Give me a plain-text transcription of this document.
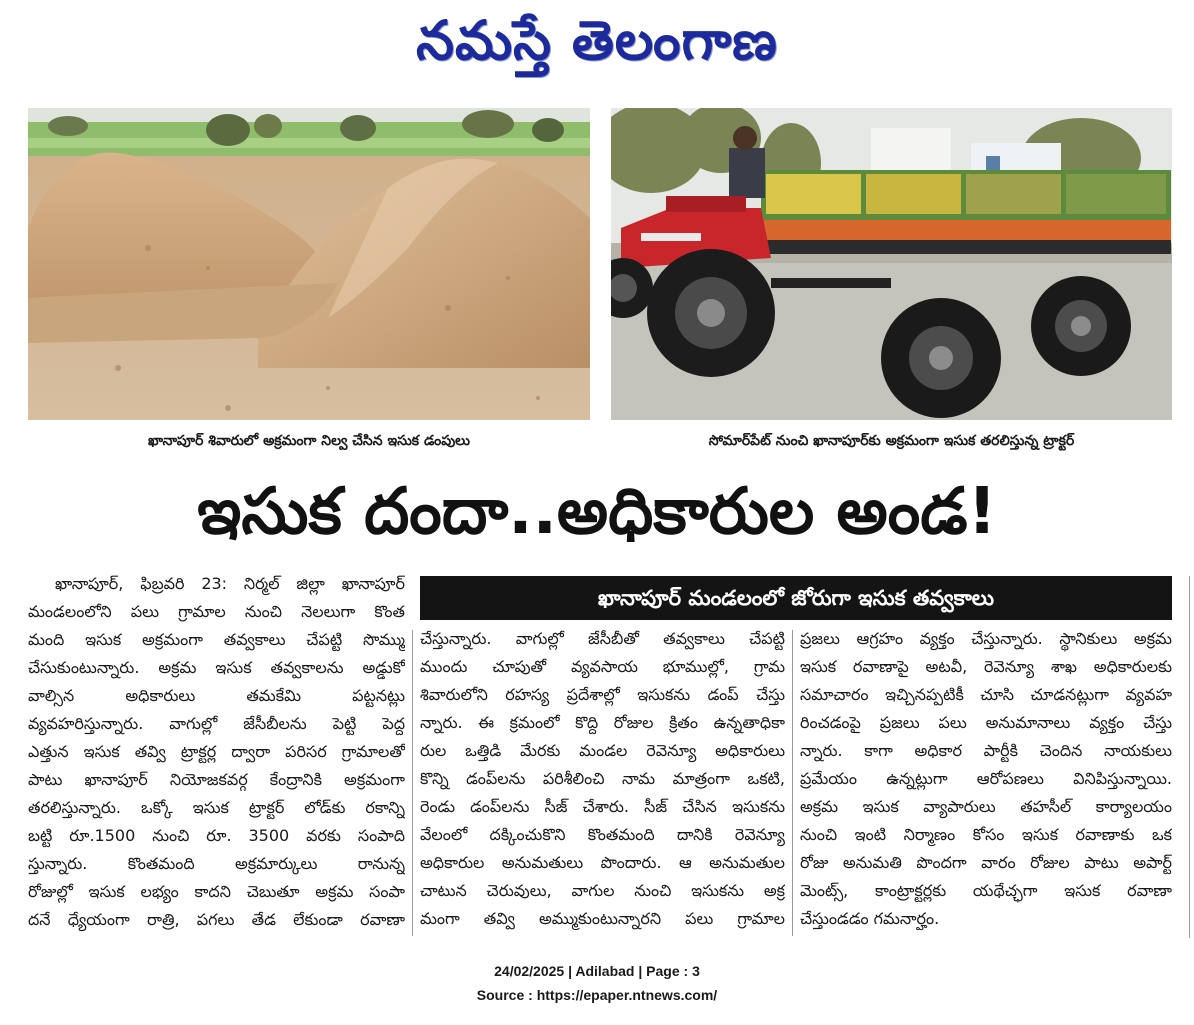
నమస్తే తెలంగాణ
ఖానాపూర్ శివారులో అక్రమంగా నిల్వ చేసిన ఇసుక డంపులు	సోమార్‌పేట్ నుంచి ఖానాపూర్‌కు అక్రమంగా ఇసుక తరలిస్తున్న ట్రాక్టర్
ఇసుక దందా..అధికారుల అండ!
ఖానాపూర్ మండలంలో జోరుగా ఇసుక తవ్వకాలు
ఖానాపూర్, ఫిబ్రవరి 23: నిర్మల్ జిల్లా ఖానాపూర్
మండలంలోని పలు గ్రామాల నుంచి నెలలుగా కొంత
మంది ఇసుక అక్రమంగా తవ్వకాలు చేపట్టి సొమ్ము
చేసుకుంటున్నారు. అక్రమ ఇసుక తవ్వకాలను అడ్డుకో
వాల్సిన అధికారులు తమకేమి పట్టనట్లు
వ్యవహరిస్తున్నారు. వాగుల్లో జేసీబీలను పెట్టి పెద్ద
ఎత్తున ఇసుక తవ్వి ట్రాక్టర్ల ద్వారా పరిసర గ్రామాలతో
పాటు ఖానాపూర్ నియోజకవర్గ కేంద్రానికి అక్రమంగా
తరలిస్తున్నారు. ఒక్కో ఇసుక ట్రాక్టర్ లోడ్‌కు రకాన్ని
బట్టి రూ.1500 నుంచి రూ. 3500 వరకు సంపాది
స్తున్నారు. కొంతమంది అక్రమార్కులు రానున్న
రోజుల్లో ఇసుక లభ్యం కాదని చెబుతూ అక్రమ సంపా
దనే ధ్యేయంగా రాత్రి, పగలు తేడ లేకుండా రవాణా
చేస్తున్నారు. వాగుల్లో జేసీబీతో తవ్వకాలు చేపట్టి
ముందు చూపుతో వ్యవసాయ భూముల్లో, గ్రామ
శివారులోని రహస్య ప్రదేశాల్లో ఇసుకను డంప్ చేస్తు
న్నారు. ఈ క్రమంలో కొద్ది రోజుల క్రితం ఉన్నతాధికా
రుల ఒత్తిడి మేరకు మండల రెవెన్యూ అధికారులు
కొన్ని డంప్‌లను పరిశీలించి నామ మాత్రంగా ఒకటి,
రెండు డంప్‌లను సీజ్ చేశారు. సీజ్ చేసిన ఇసుకను
వేలంలో దక్కించుకొని కొంతమంది దానికి రెవెన్యూ
అధికారుల అనుమతులు పొందారు. ఆ అనుమతుల
చాటున చెరువులు, వాగుల నుంచి ఇసుకను అక్ర
మంగా తవ్వి అమ్ముకుంటున్నారని పలు గ్రామాల
ప్రజలు ఆగ్రహం వ్యక్తం చేస్తున్నారు. స్థానికులు అక్రమ
ఇసుక రవాణాపై అటవీ, రెవెన్యూ శాఖ అధికారులకు
సమాచారం ఇచ్చినప్పటికీ చూసి చూడనట్లుగా వ్యవహ
రించడంపై ప్రజలు పలు అనుమానాలు వ్యక్తం చేస్తు
న్నారు. కాగా అధికార పార్టీకి చెందిన నాయకులు
ప్రమేయం ఉన్నట్లుగా ఆరోపణలు వినిపిస్తున్నాయి.
అక్రమ ఇసుక వ్యాపారులు తహసీల్ కార్యాలయం
నుంచి ఇంటి నిర్మాణం కోసం ఇసుక రవాణాకు ఒక
రోజు అనుమతి పొందగా వారం రోజుల పాటు అపార్ట్
మెంట్స్, కాంట్రాక్టర్లకు యథేచ్ఛగా ఇసుక రవాణా
చేస్తుండడం గమనార్హం.
24/02/2025 | Adilabad | Page : 3
Source : https://epaper.ntnews.com/
